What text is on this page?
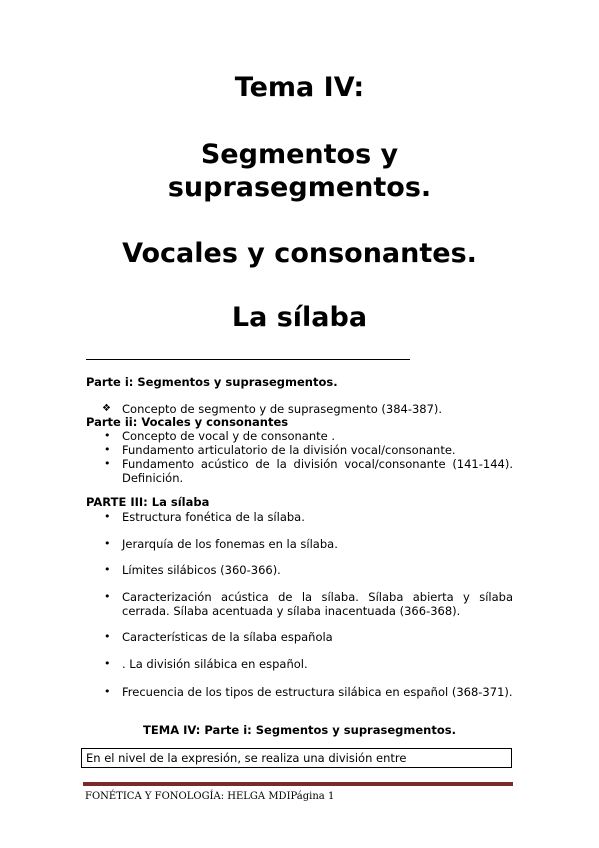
Tema IV:
Segmentos y
suprasegmentos.
Vocales y consonantes.
La sílaba
Parte i: Segmentos y suprasegmentos.
❖ Concepto de segmento y de suprasegmento (384-387).
Parte ii: Vocales y consonantes
• Concepto de vocal y de consonante .
• Fundamento articulatorio de la división vocal/consonante.
• Fundamento acústico de la división vocal/consonante (141-144). Definición.
PARTE III: La sílaba
• Estructura fonética de la sílaba.
• Jerarquía de los fonemas en la sílaba.
• Límites silábicos (360-366).
• Caracterización acústica de la sílaba. Sílaba abierta y sílaba cerrada. Sílaba acentuada y sílaba inacentuada (366-368).
• Características de la sílaba española
• . La división silábica en español.
• Frecuencia de los tipos de estructura silábica en español (368-371).
TEMA IV: Parte i: Segmentos y suprasegmentos.
En el nivel de la expresión, se realiza una división entre
FONÉTICA Y FONOLOGÍA: HELGA MDIPágina 1
